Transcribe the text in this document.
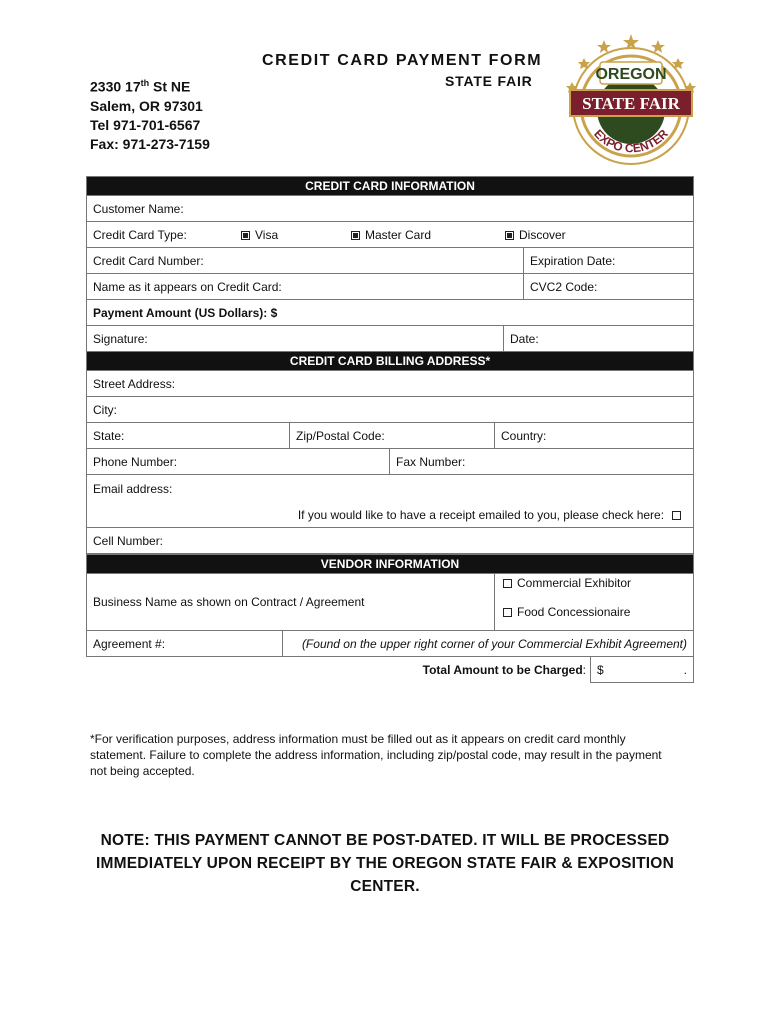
CREDIT CARD PAYMENT FORM
STATE FAIR
2330 17th St NE
Salem, OR 97301
Tel 971-701-6567
Fax: 971-273-7159
OREGON
STATE FAIR
EXPO CENTER
CREDIT CARD INFORMATION		
Customer Name:		

Credit Card Type: Visa Master Card Discover		

Credit Card Number:		Expiration Date:
Name as it appears on Credit Card:		CVC2 Code:
Payment Amount (US Dollars): $		
Signature:	Date:	
CREDIT CARD BILLING ADDRESS*			
Street Address:			
City:			
State:	Zip/Postal Code:		Country:
Phone Number:		Fax Number:	

Email address:
If you would like to have a receipt emailed to you, please check here:			

Cell Number:			
VENDOR INFORMATION			
Business Name as shown on Contract / Agreement		Commercial Exhibitor
Food Concessionaire	

Agreement #:	(Found on the upper right corner of your Commercial Exhibit Agreement)		
	Total Amount to be Charged:		$ .
*For verification purposes, address information must be filled out as it appears on credit card monthly statement. Failure to complete the address information, including zip/postal code, may result in the payment not being accepted.
NOTE: THIS PAYMENT CANNOT BE POST-DATED. IT WILL BE PROCESSED IMMEDIATELY UPON RECEIPT BY THE OREGON STATE FAIR & EXPOSITION CENTER.
